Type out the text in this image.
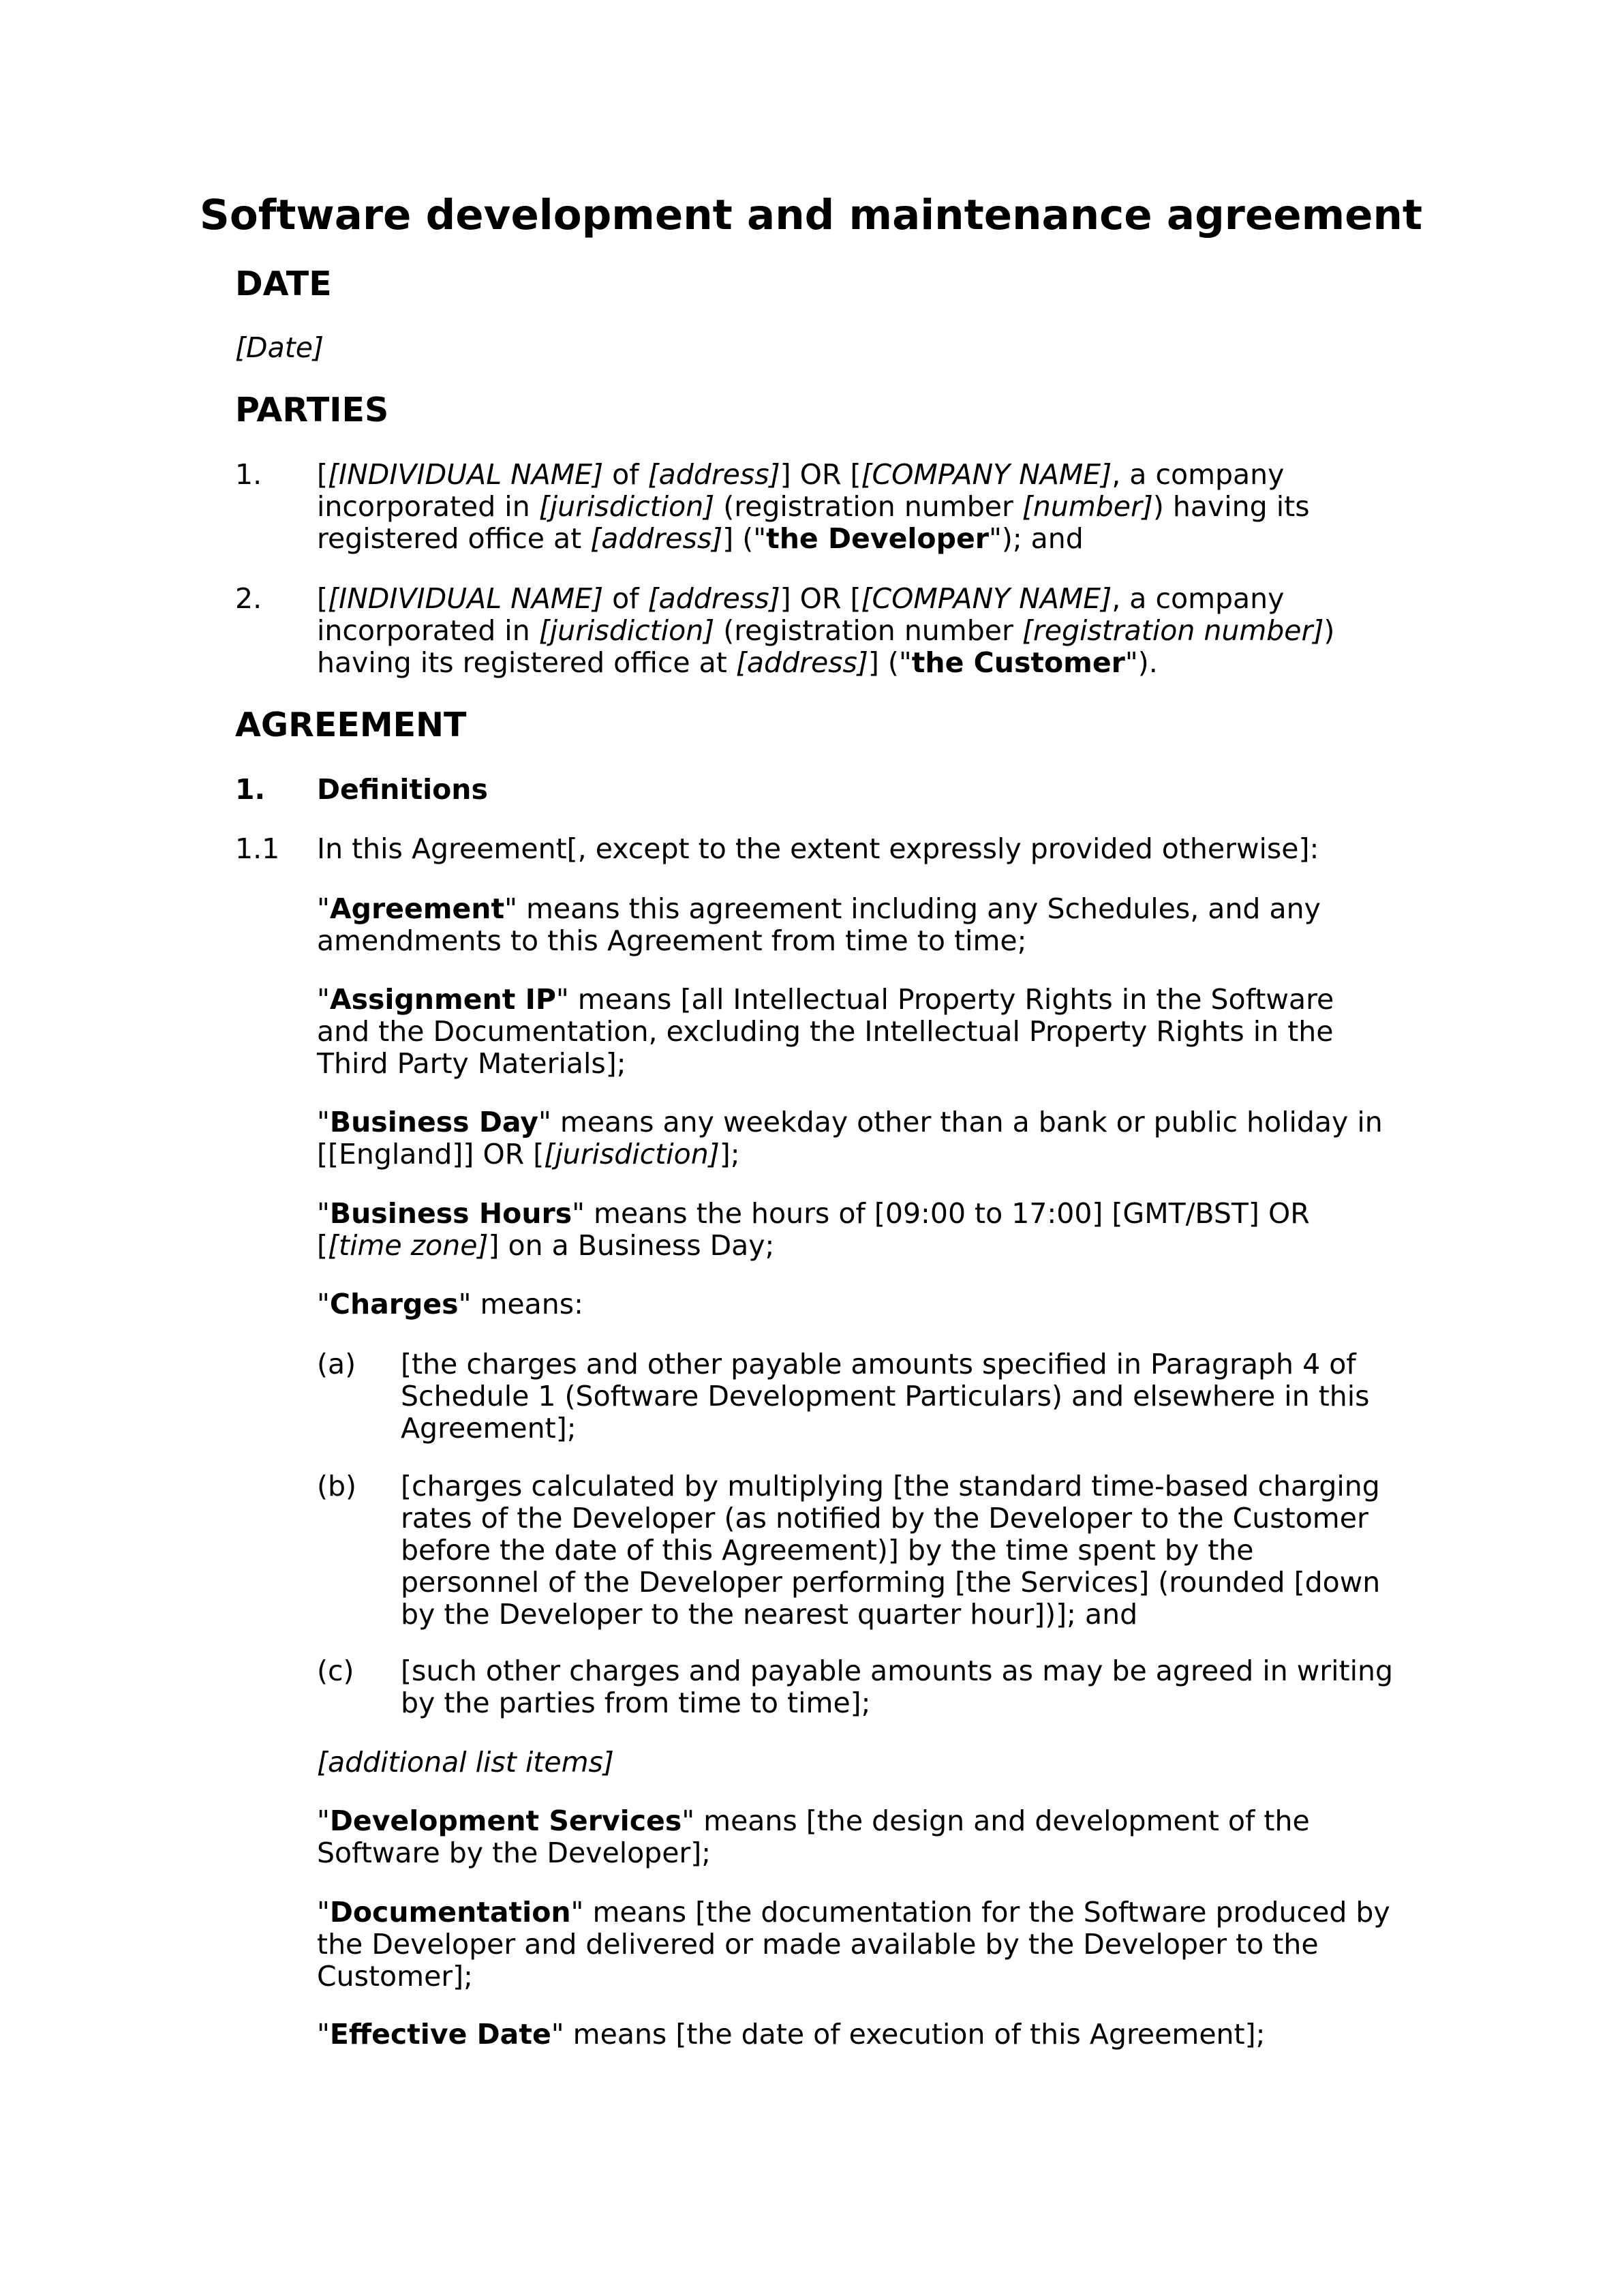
Software development and maintenance agreement
DATE

[Date]

PARTIES

1. [[INDIVIDUAL NAME] of [address]] OR [[COMPANY NAME], a company incorporated in [jurisdiction] (registration number [number]) having its registered office at [address]] ("the Developer"); and

2. [[INDIVIDUAL NAME] of [address]] OR [[COMPANY NAME], a company incorporated in [jurisdiction] (registration number [registration number]) having its registered office at [address]] ("the Customer").

AGREEMENT

1. Definitions

1.1 In this Agreement[, except to the extent expressly provided otherwise]:

"Agreement" means this agreement including any Schedules, and any amendments to this Agreement from time to time;

"Assignment IP" means [all Intellectual Property Rights in the Software and the Documentation, excluding the Intellectual Property Rights in the Third Party Materials];

"Business Day" means any weekday other than a bank or public holiday in [[England]] OR [[jurisdiction]];

"Business Hours" means the hours of [09:00 to 17:00] [GMT/BST] OR [[time zone]] on a Business Day;

"Charges" means:

(a) [the charges and other payable amounts specified in Paragraph 4 of Schedule 1 (Software Development Particulars) and elsewhere in this Agreement];

(b) [charges calculated by multiplying [the standard time-based charging rates of the Developer (as notified by the Developer to the Customer before the date of this Agreement)] by the time spent by the personnel of the Developer performing [the Services] (rounded [down by the Developer to the nearest quarter hour])]; and

(c) [such other charges and payable amounts as may be agreed in writing by the parties from time to time];

[additional list items]

"Development Services" means [the design and development of the Software by the Developer];

"Documentation" means [the documentation for the Software produced by the Developer and delivered or made available by the Developer to the Customer];

"Effective Date" means [the date of execution of this Agreement];
